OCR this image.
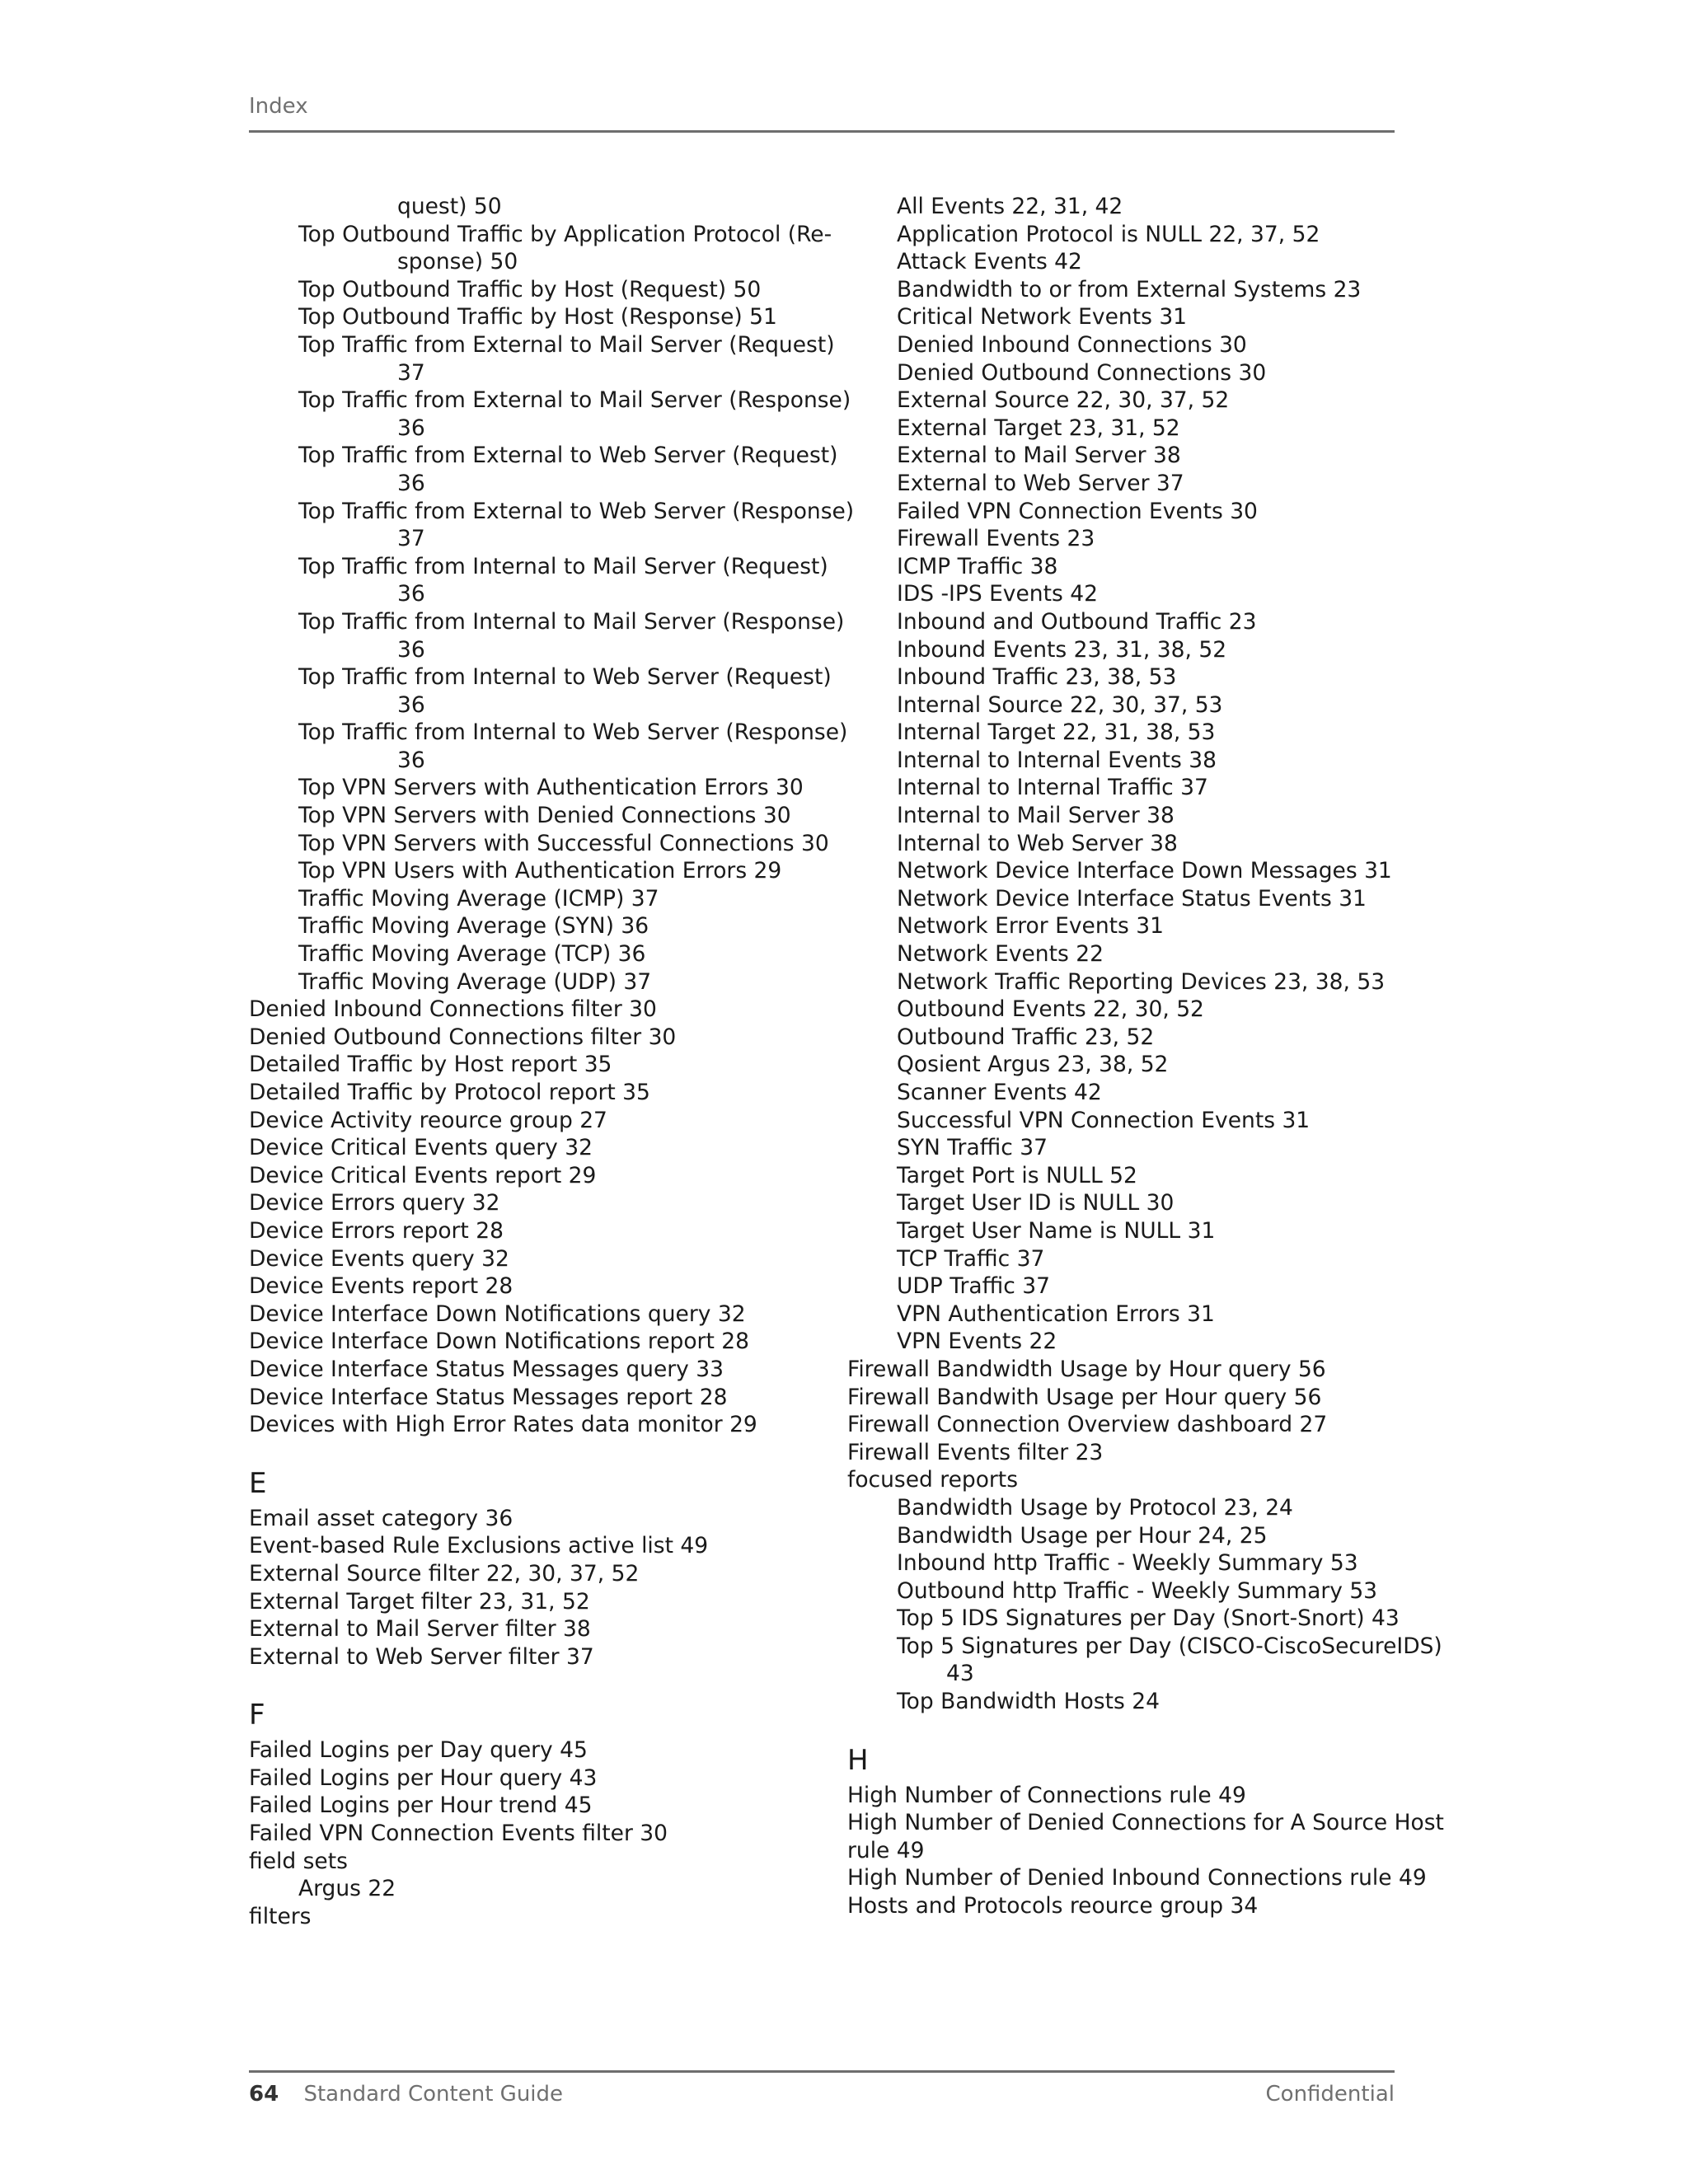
Index
quest) 50
Top Outbound Traffic by Application Protocol (Re-
sponse) 50
Top Outbound Traffic by Host (Request) 50
Top Outbound Traffic by Host (Response) 51
Top Traffic from External to Mail Server (Request)
37
Top Traffic from External to Mail Server (Response)
36
Top Traffic from External to Web Server (Request)
36
Top Traffic from External to Web Server (Response)
37
Top Traffic from Internal to Mail Server (Request)
36
Top Traffic from Internal to Mail Server (Response)
36
Top Traffic from Internal to Web Server (Request)
36
Top Traffic from Internal to Web Server (Response)
36
Top VPN Servers with Authentication Errors 30
Top VPN Servers with Denied Connections 30
Top VPN Servers with Successful Connections 30
Top VPN Users with Authentication Errors 29
Traffic Moving Average (ICMP) 37
Traffic Moving Average (SYN) 36
Traffic Moving Average (TCP) 36
Traffic Moving Average (UDP) 37
Denied Inbound Connections filter 30
Denied Outbound Connections filter 30
Detailed Traffic by Host report 35
Detailed Traffic by Protocol report 35
Device Activity reource group 27
Device Critical Events query 32
Device Critical Events report 29
Device Errors query 32
Device Errors report 28
Device Events query 32
Device Events report 28
Device Interface Down Notifications query 32
Device Interface Down Notifications report 28
Device Interface Status Messages query 33
Device Interface Status Messages report 28
Devices with High Error Rates data monitor 29
E
Email asset category 36
Event-based Rule Exclusions active list 49
External Source filter 22, 30, 37, 52
External Target filter 23, 31, 52
External to Mail Server filter 38
External to Web Server filter 37
F
Failed Logins per Day query 45
Failed Logins per Hour query 43
Failed Logins per Hour trend 45
Failed VPN Connection Events filter 30
field sets
Argus 22
filters
All Events 22, 31, 42
Application Protocol is NULL 22, 37, 52
Attack Events 42
Bandwidth to or from External Systems 23
Critical Network Events 31
Denied Inbound Connections 30
Denied Outbound Connections 30
External Source 22, 30, 37, 52
External Target 23, 31, 52
External to Mail Server 38
External to Web Server 37
Failed VPN Connection Events 30
Firewall Events 23
ICMP Traffic 38
IDS -IPS Events 42
Inbound and Outbound Traffic 23
Inbound Events 23, 31, 38, 52
Inbound Traffic 23, 38, 53
Internal Source 22, 30, 37, 53
Internal Target 22, 31, 38, 53
Internal to Internal Events 38
Internal to Internal Traffic 37
Internal to Mail Server 38
Internal to Web Server 38
Network Device Interface Down Messages 31
Network Device Interface Status Events 31
Network Error Events 31
Network Events 22
Network Traffic Reporting Devices 23, 38, 53
Outbound Events 22, 30, 52
Outbound Traffic 23, 52
Qosient Argus 23, 38, 52
Scanner Events 42
Successful VPN Connection Events 31
SYN Traffic 37
Target Port is NULL 52
Target User ID is NULL 30
Target User Name is NULL 31
TCP Traffic 37
UDP Traffic 37
VPN Authentication Errors 31
VPN Events 22
Firewall Bandwidth Usage by Hour query 56
Firewall Bandwith Usage per Hour query 56
Firewall Connection Overview dashboard 27
Firewall Events filter 23
focused reports
Bandwidth Usage by Protocol 23, 24
Bandwidth Usage per Hour 24, 25
Inbound http Traffic - Weekly Summary 53
Outbound http Traffic - Weekly Summary 53
Top 5 IDS Signatures per Day (Snort-Snort) 43
Top 5 Signatures per Day (CISCO-CiscoSecureIDS)
43
Top Bandwidth Hosts 24
H
High Number of Connections rule 49
High Number of Denied Connections for A Source Host
rule 49
High Number of Denied Inbound Connections rule 49
Hosts and Protocols reource group 34
64 Standard Content Guide	Confidential
